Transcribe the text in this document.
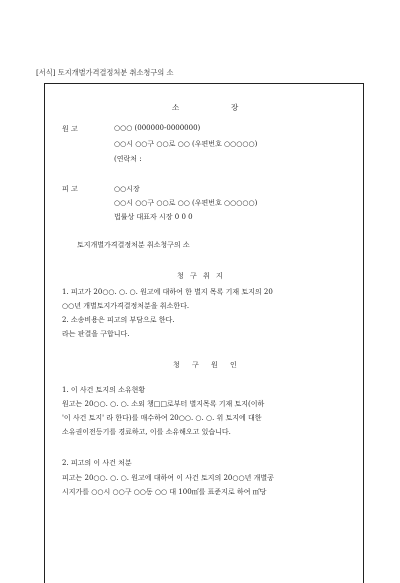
[서식] 토지개별가격결정처분 취소청구의 소
소	장
원 고	○○○ (000000-0000000)
○○시 ○○구 ○○로 ○○ (우편번호 ○○○○○)
(연락처 :
피 고	○○시장
○○시 ○○구 ○○로 ○○ (우편번호 ○○○○○)
법률상 대표자 시장 0 0 0
토지개별가격결정처분 취소청구의 소
청 구 취 지
1. 피고가 20○○. ○. ○. 원고에 대하여 한 별지 목록 기재 토지의 20
○○년 개별토지가격결정처분을 취소한다.
2. 소송비용은 피고의 부담으로 한다.
라는 판결을 구합니다.
청 구 원 인
1. 이 사건 토지의 소유현황
원고는 20○○. ○. ○. 소외 챙□□로부터 별지목록 기재 토지(이하
'이 사건 토지' 라 한다)를 매수하여 20○○. ○. ○. 위 토지에 대한
소유권이전등기를 경료하고, 이를 소유해오고 있습니다.
2. 피고의 이 사건 처분
피고는 20○○. ○. ○. 원고에 대하여 이 사건 토지의 20○○년 개별공
시지가를 ○○시 ○○구 ○○동 ○○ 대 100㎡를 표준지로 하여 ㎡당
